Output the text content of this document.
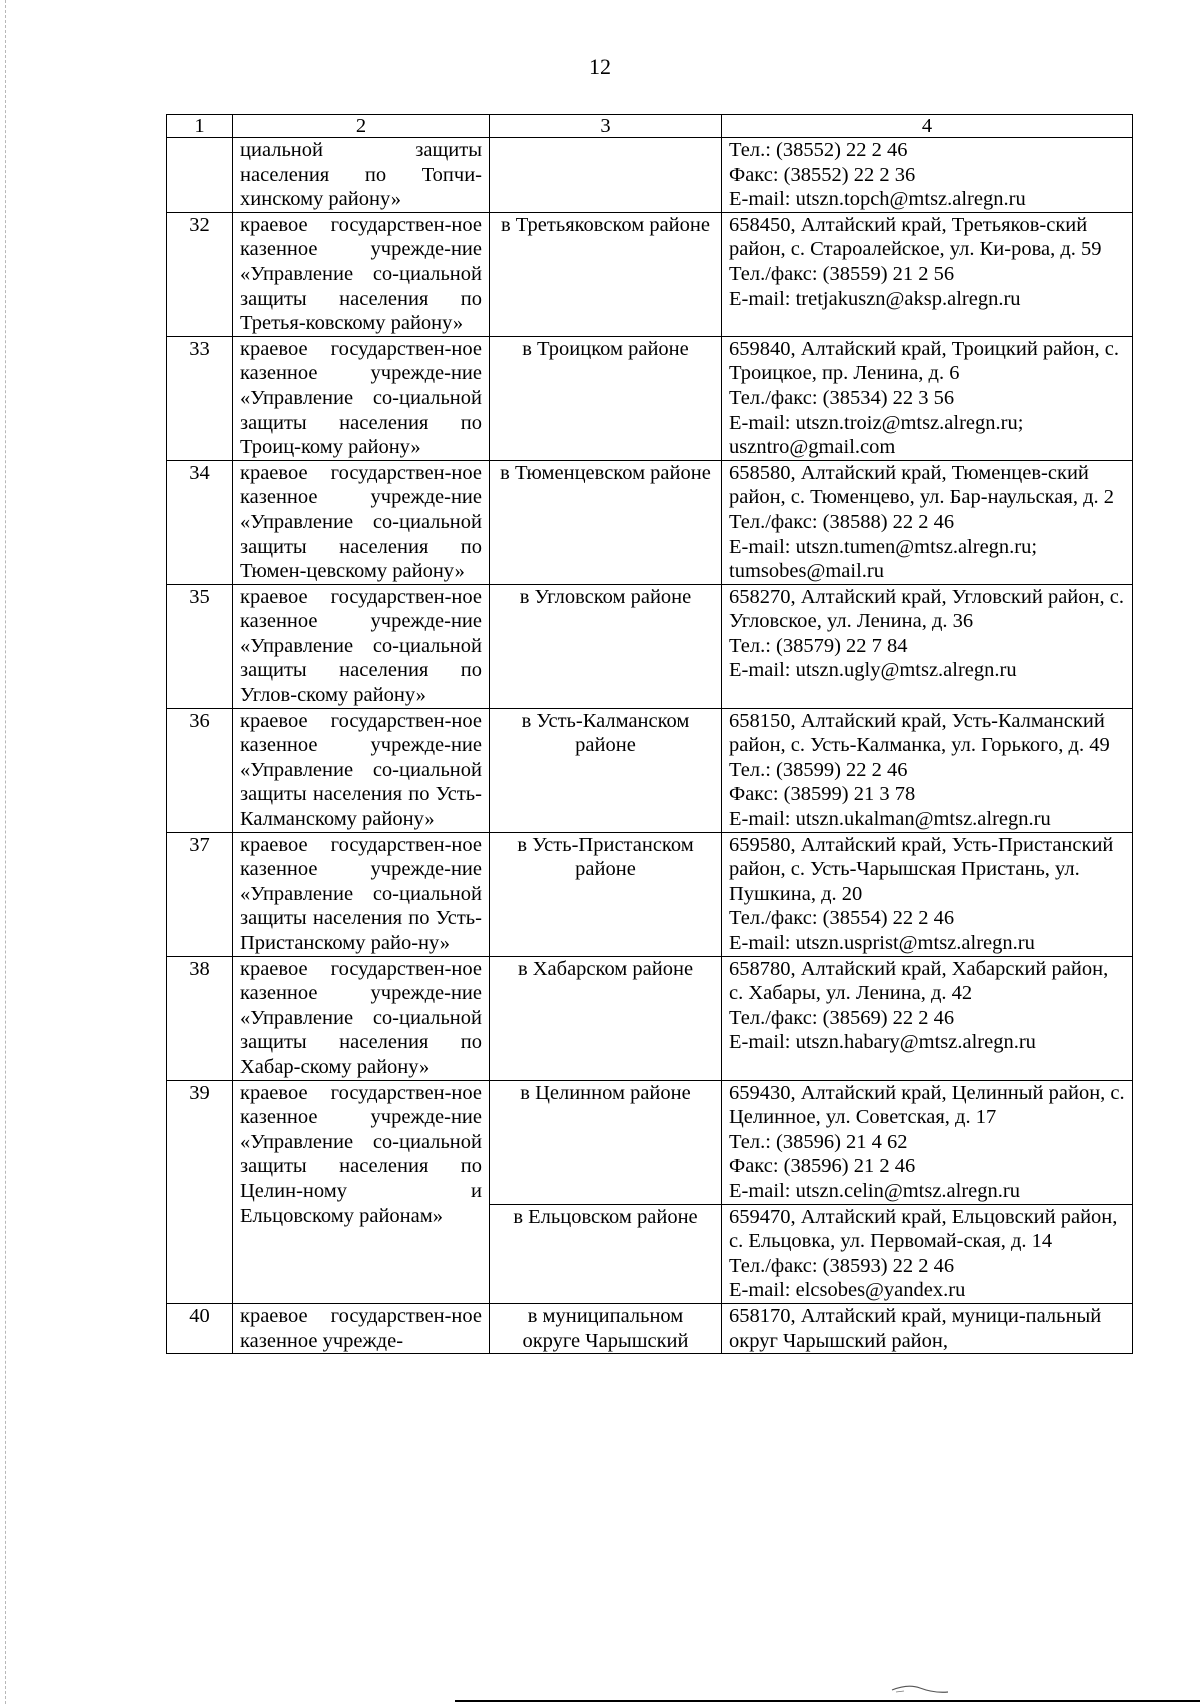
12
1	2	3	4
	циальной защиты населения по Топчи-хинскому району»		Тел.: (38552) 22 2 46
Факс: (38552) 22 2 36
E-mail: utszn.topch@mtsz.alregn.ru
32	краевое государствен-ное казенное учрежде-ние «Управление со-циальной защиты населения по Третья-ковскому району»	в Третьяковском районе	658450, Алтайский край, Третьяков-ский район, с. Староалейское, ул. Ки-рова, д. 59
Тел./факс: (38559) 21 2 56
E-mail: tretjakuszn@aksp.alregn.ru
33	краевое государствен-ное казенное учрежде-ние «Управление со-циальной защиты населения по Троиц-кому району»	в Троицком районе	659840, Алтайский край, Троицкий район, с. Троицкое, пр. Ленина, д. 6
Тел./факс: (38534) 22 3 56
E-mail: utszn.troiz@mtsz.alregn.ru;
uszntro@gmail.com
34	краевое государствен-ное казенное учрежде-ние «Управление со-циальной защиты населения по Тюмен-цевскому району»	в Тюменцевском районе	658580, Алтайский край, Тюменцев-ский район, с. Тюменцево, ул. Бар-наульская, д. 2
Тел./факс: (38588) 22 2 46
E-mail: utszn.tumen@mtsz.alregn.ru;
tumsobes@mail.ru
35	краевое государствен-ное казенное учрежде-ние «Управление со-циальной защиты населения по Углов-скому району»	в Угловском районе	658270, Алтайский край, Угловский район, с. Угловское, ул. Ленина, д. 36
Тел.: (38579) 22 7 84
E-mail: utszn.ugly@mtsz.alregn.ru
36	краевое государствен-ное казенное учрежде-ние «Управление со-циальной защиты населения по Усть-Калманскому району»	в Усть-Калманском районе	658150, Алтайский край, Усть-Калманский район, с. Усть-Калманка, ул. Горького, д. 49
Тел.: (38599) 22 2 46
Факс: (38599) 21 3 78
E-mail: utszn.ukalman@mtsz.alregn.ru
37	краевое государствен-ное казенное учрежде-ние «Управление со-циальной защиты населения по Усть-Пристанскому райо-ну»	в Усть-Пристанском районе	659580, Алтайский край, Усть-Пристанский район, с. Усть-Чарышская Пристань, ул. Пушкина, д. 20
Тел./факс: (38554) 22 2 46
E-mail: utszn.usprist@mtsz.alregn.ru
38	краевое государствен-ное казенное учрежде-ние «Управление со-циальной защиты населения по Хабар-скому району»	в Хабарском районе	658780, Алтайский край, Хабарский район, с. Хабары, ул. Ленина, д. 42
Тел./факс: (38569) 22 2 46
E-mail: utszn.habary@mtsz.alregn.ru
39	краевое государствен-ное казенное учрежде-ние «Управление со-циальной защиты населения по Целин-ному и Ельцовскому районам»	в Целинном районе	659430, Алтайский край, Целинный район, с. Целинное, ул. Советская, д. 17
Тел.: (38596) 21 4 62
Факс: (38596) 21 2 46
E-mail: utszn.celin@mtsz.alregn.ru
		в Ельцовском районе	659470, Алтайский край, Ельцовский район, с. Ельцовка, ул. Первомай-ская, д. 14
Тел./факс: (38593) 22 2 46
E-mail: elcsobes@yandex.ru
40	краевое государствен-ное казенное учрежде-	в муниципальном округе Чарышский	658170, Алтайский край, муници-пальный округ Чарышский район,
